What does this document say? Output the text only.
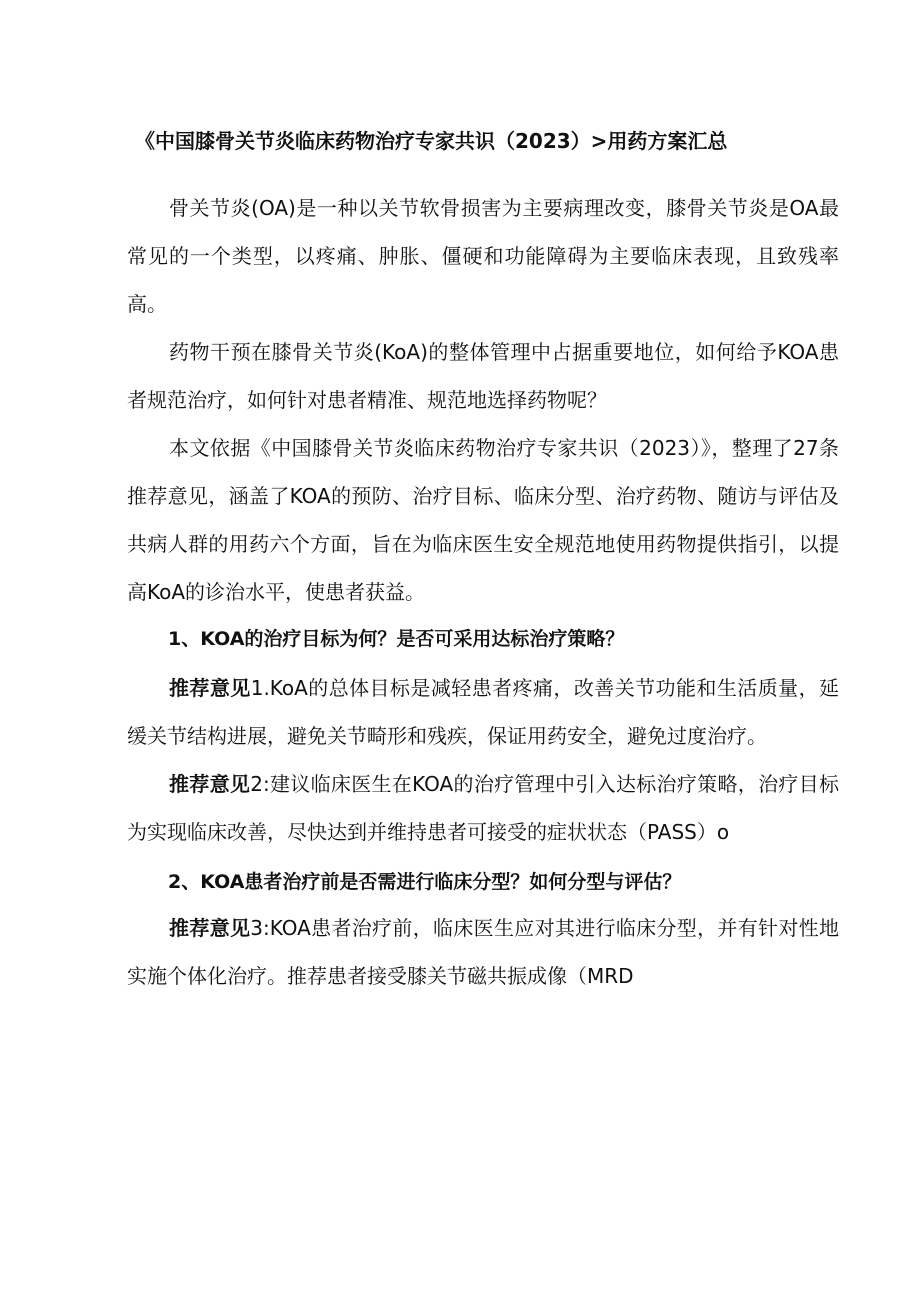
《中国膝骨关节炎临床药物治疗专家共识（2023）>用药方案汇总

骨关节炎(OA)是一种以关节软骨损害为主要病理改变，膝骨关节炎是OA最常见的一个类型，以疼痛、肿胀、僵硬和功能障碍为主要临床表现，且致残率高。

药物干预在膝骨关节炎(KoA)的整体管理中占据重要地位，如何给予KOA患者规范治疗，如何针对患者精准、规范地选择药物呢？

本文依据《中国膝骨关节炎临床药物治疗专家共识（2023）》，整理了27条推荐意见，涵盖了KOA的预防、治疗目标、临床分型、治疗药物、随访与评估及共病人群的用药六个方面，旨在为临床医生安全规范地使用药物提供指引，以提高KoA的诊治水平，使患者获益。

1、KOA的治疗目标为何？是否可采用达标治疗策略？

推荐意见1.KoA的总体目标是减轻患者疼痛，改善关节功能和生活质量，延缓关节结构进展，避免关节畸形和残疾，保证用药安全，避免过度治疗。

推荐意见2:建议临床医生在KOA的治疗管理中引入达标治疗策略，治疗目标为实现临床改善，尽快达到并维持患者可接受的症状状态（PASS）o

2、KOA患者治疗前是否需进行临床分型？如何分型与评估？

推荐意见3:KOA患者治疗前，临床医生应对其进行临床分型，并有针对性地实施个体化治疗。推荐患者接受膝关节磁共振成像（MRD
